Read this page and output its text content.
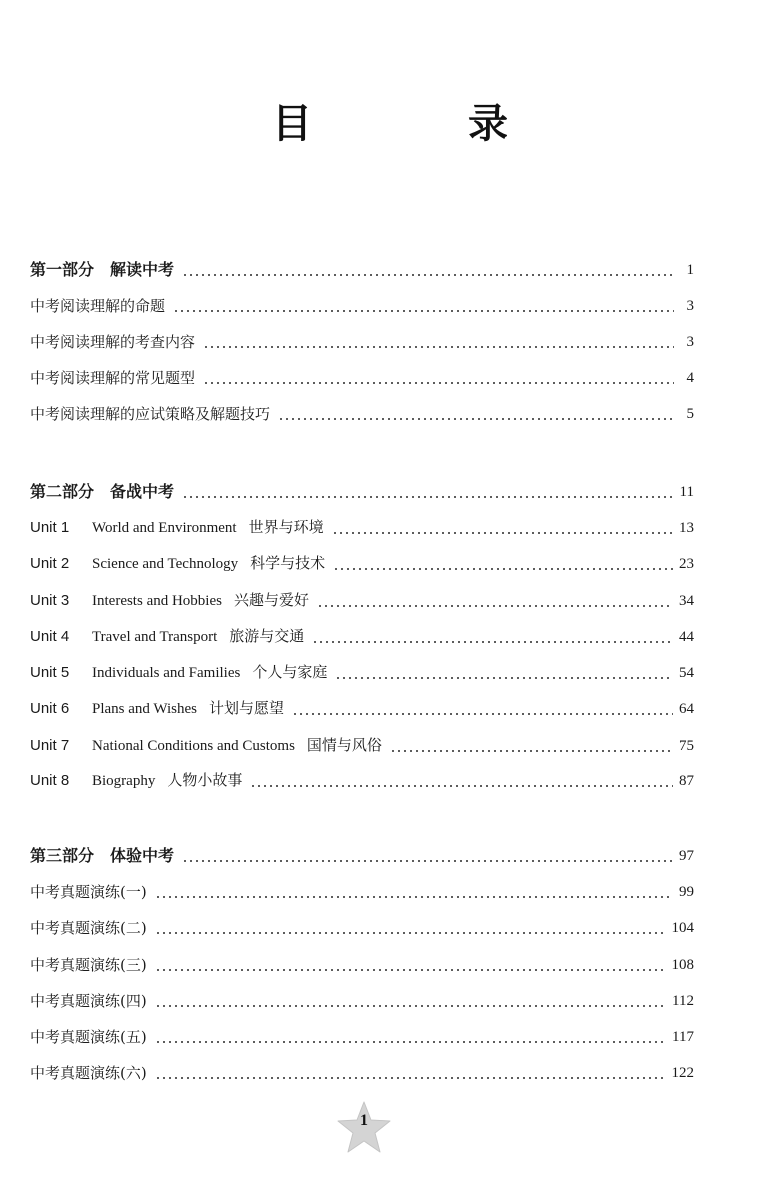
目　录
第一部分　解读中考	1
中考阅读理解的命题	3
中考阅读理解的考查内容	3
中考阅读理解的常见题型	4
中考阅读理解的应试策略及解题技巧	5
第二部分　备战中考	11
Unit 1 World and Environment 世界与环境	13
Unit 2 Science and Technology 科学与技术	23
Unit 3 Interests and Hobbies 兴趣与爱好	34
Unit 4 Travel and Transport 旅游与交通	44
Unit 5 Individuals and Families 个人与家庭	54
Unit 6 Plans and Wishes 计划与愿望	64
Unit 7 National Conditions and Customs 国情与风俗	75
Unit 8 Biography 人物小故事	87
第三部分　体验中考	97
中考真题演练(一)	99
中考真题演练(二)	104
中考真题演练(三)	108
中考真题演练(四)	112
中考真题演练(五)	117
中考真题演练(六)	122
1
